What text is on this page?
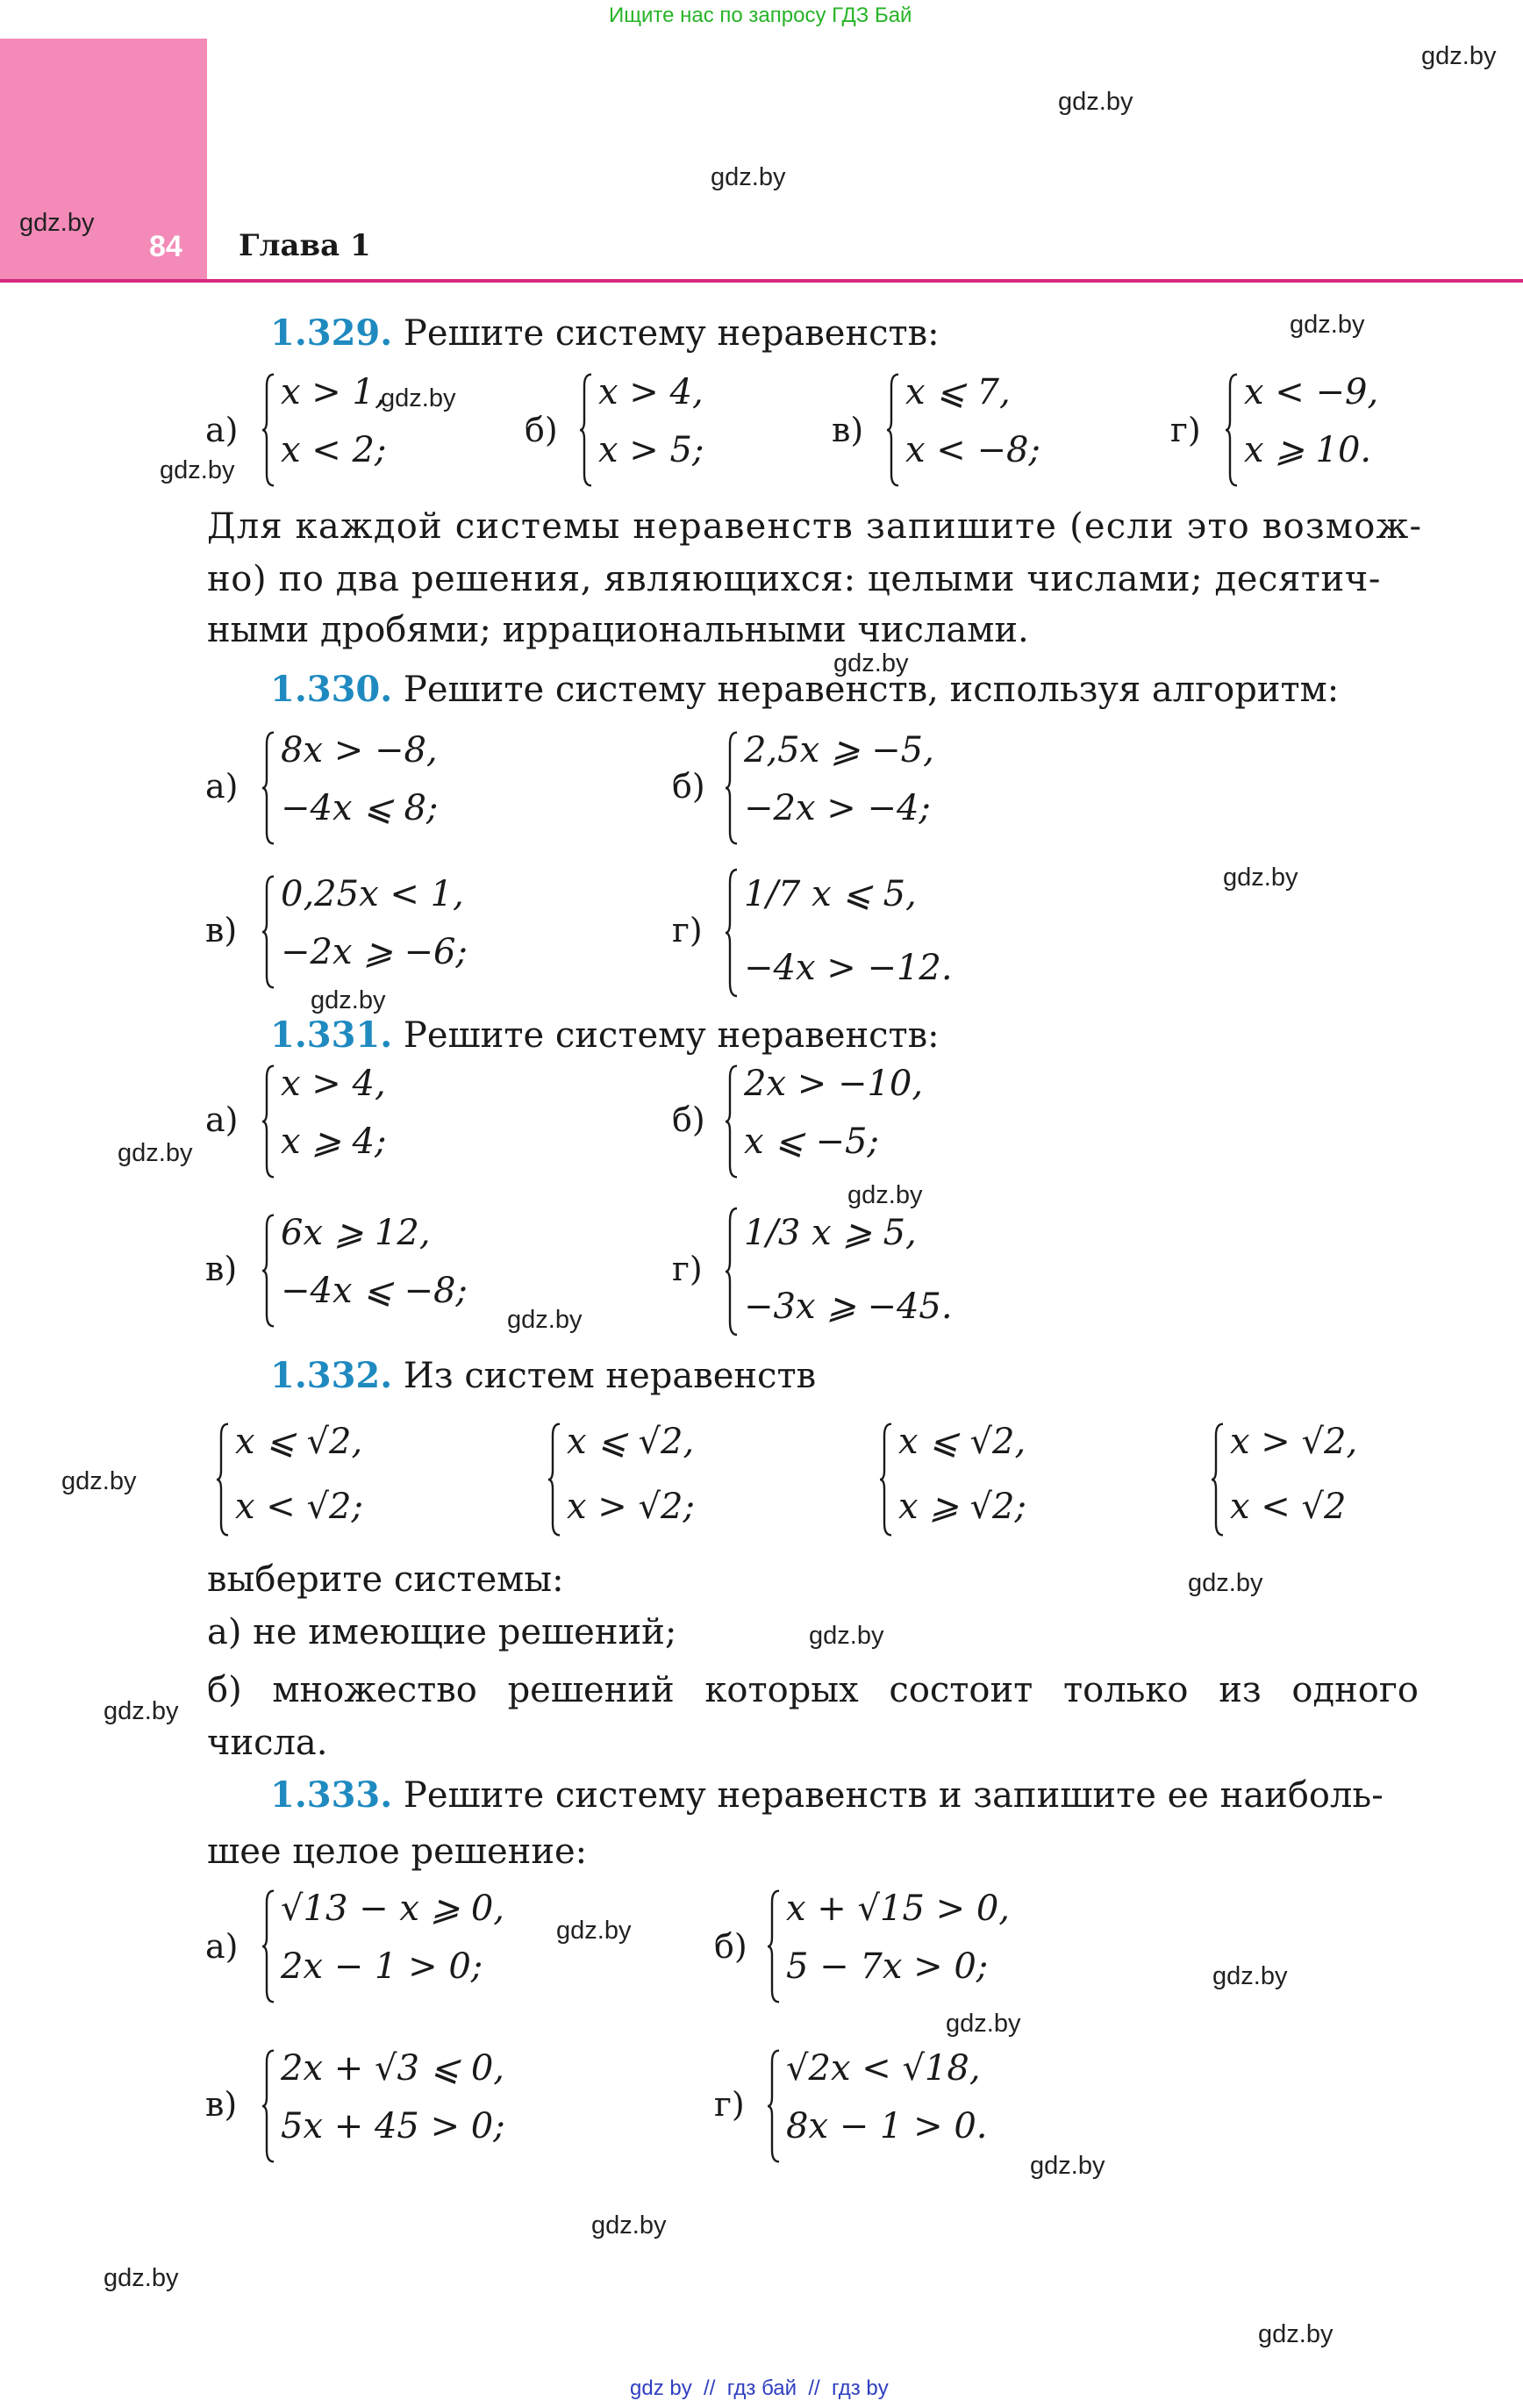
Ищите нас по запросу ГДЗ Бай
84 Глава 1
gdz.by
gdz.by
gdz.by
gdz.by
gdz.by
gdz.by
gdz.by
gdz.by
gdz.by
gdz.by
gdz.by
gdz.by
gdz.by
gdz.by
gdz.by
gdz.by
gdz.by
gdz.by
gdz.by
gdz.by
gdz.by
gdz.by
gdz.by
gdz.by
1.329. Решите систему неравенств:
а)
x > 1,
x < 2;	б)
x > 4,
x > 5;	в)
x ⩽ 7,
x < −8;	г)
x < −9,
x ⩾ 10.
Для каждой системы неравенств запишите (если это возмож-
но) по два решения, являющихся: целыми числами; десятич-
ными дробями; иррациональными числами.
1.330. Решите систему неравенств, используя алгоритм:
а)
8x > −8,
−4x ⩽ 8;
б)
2,5x ⩾ −5,
−2x > −4;
в)
0,25x < 1,
−2x ⩾ −6;
г)
1/7 x ⩽ 5,
−4x > −12.
1.331. Решите систему неравенств:
а)
x > 4,
x ⩾ 4;
б)
2x > −10,
x ⩽ −5;
в)
6x ⩾ 12,
−4x ⩽ −8;
г)
1/3 x ⩾ 5,
−3x ⩾ −45.
1.332. Из систем неравенств
x ⩽ √2,
x < √2;
x ⩽ √2,
x > √2;
x ⩽ √2,
x ⩾ √2;
x > √2,
x < √2
выберите системы:
а) не имеющие решений;
б) множество решений которых состоит только из одного
числа.
1.333. Решите систему неравенств и запишите ее наиболь-
шее целое решение:
а)
√13 − x ⩾ 0,
2x − 1 > 0;	б)
x + √15 > 0,
5 − 7x > 0;
в)
2x + √3 ⩽ 0,
5x + 45 > 0;
г)
√2x < √18,
8x − 1 > 0.
gdz by  //  гдз бай  //  гдз by
